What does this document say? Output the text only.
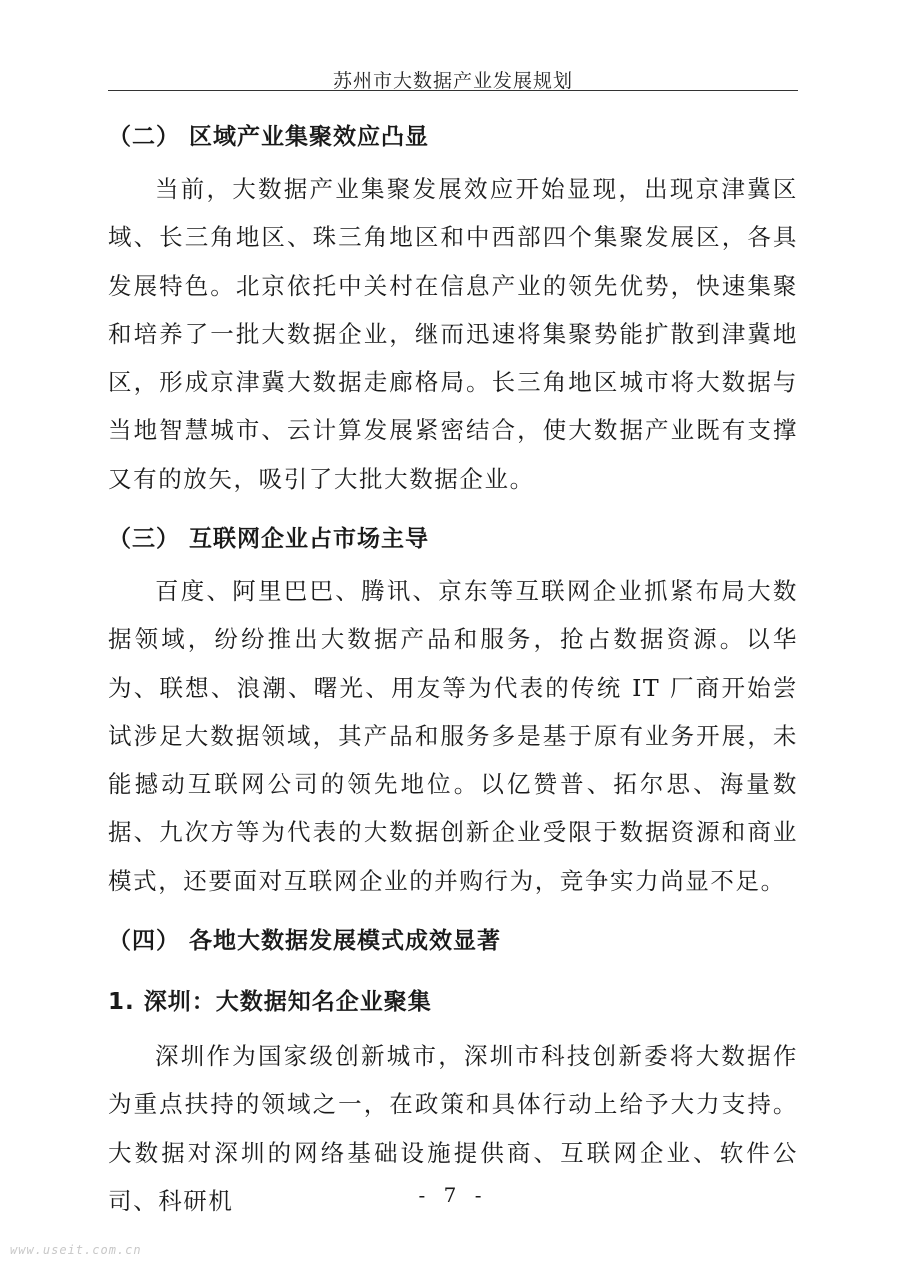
苏州市大数据产业发展规划
（二） 区域产业集聚效应凸显

当前，大数据产业集聚发展效应开始显现，出现京津冀区域、长三角地区、珠三角地区和中西部四个集聚发展区，各具发展特色。北京依托中关村在信息产业的领先优势，快速集聚和培养了一批大数据企业，继而迅速将集聚势能扩散到津冀地区，形成京津冀大数据走廊格局。长三角地区城市将大数据与当地智慧城市、云计算发展紧密结合，使大数据产业既有支撑又有的放矢，吸引了大批大数据企业。

（三） 互联网企业占市场主导

百度、阿里巴巴、腾讯、京东等互联网企业抓紧布局大数据领域，纷纷推出大数据产品和服务，抢占数据资源。以华为、联想、浪潮、曙光、用友等为代表的传统 IT 厂商开始尝试涉足大数据领域，其产品和服务多是基于原有业务开展，未能撼动互联网公司的领先地位。以亿赞普、拓尔思、海量数据、九次方等为代表的大数据创新企业受限于数据资源和商业模式，还要面对互联网企业的并购行为，竞争实力尚显不足。

（四） 各地大数据发展模式成效显著
1. 深圳：大数据知名企业聚集

深圳作为国家级创新城市，深圳市科技创新委将大数据作为重点扶持的领域之一，在政策和具体行动上给予大力支持。大数据对深圳的网络基础设施提供商、互联网企业、软件公司、科研机	- 7 -
www.useit.com.cn
